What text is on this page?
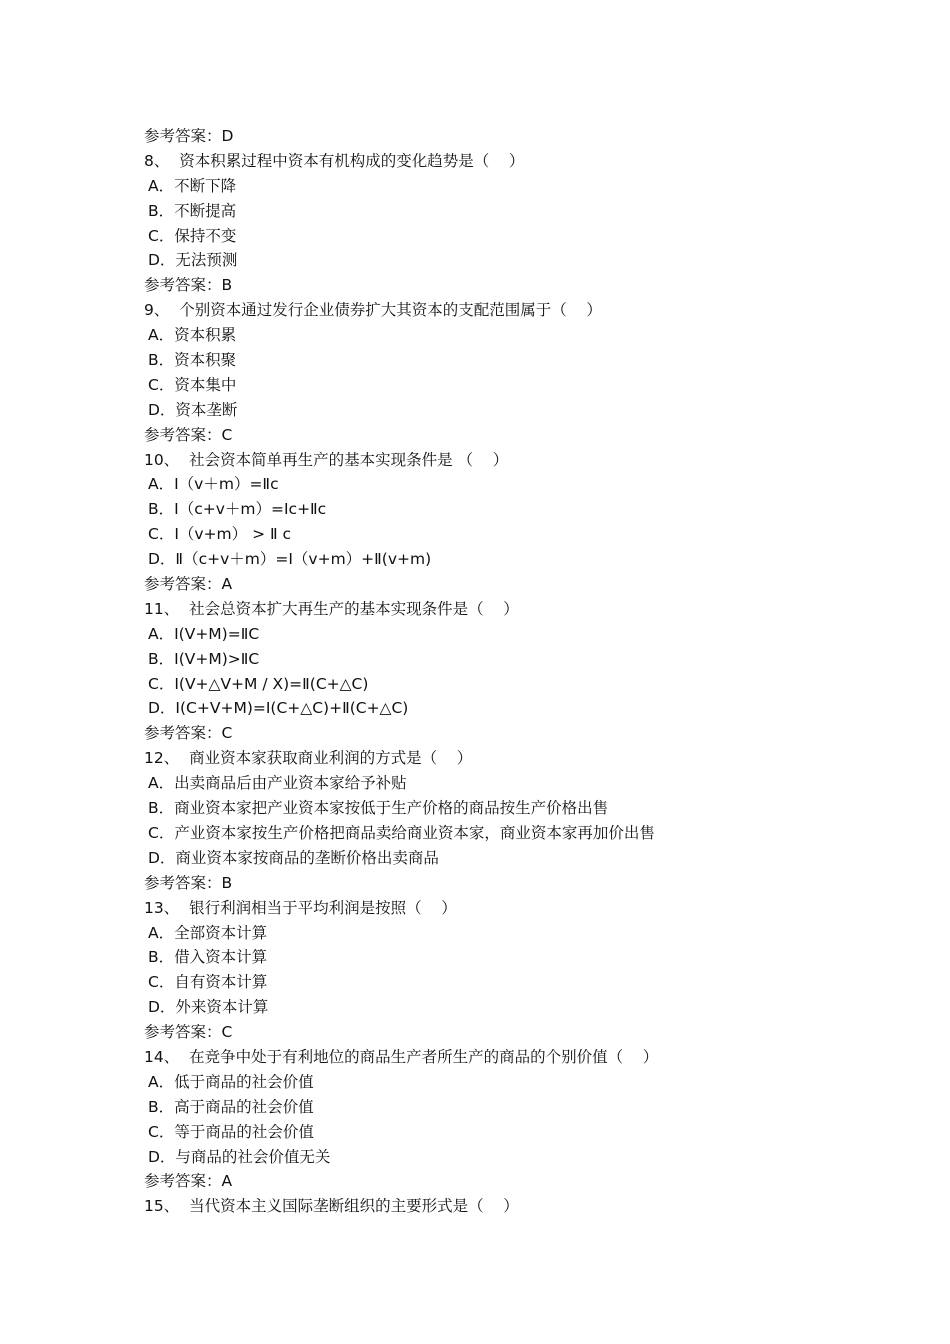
参考答案：D
8、  资本积累过程中资本有机构成的变化趋势是（    ）
A．不断下降
B．不断提高
C．保持不变
D．无法预测
参考答案：B
9、  个别资本通过发行企业债券扩大其资本的支配范围属于（    ）
A．资本积累
B．资本积聚
C．资本集中
D．资本垄断
参考答案：C
10、  社会资本简单再生产的基本实现条件是 （    ）
A．Ⅰ（v＋m）=Ⅱc
B．Ⅰ（c+v＋m）=Ⅰc+Ⅱc
C．Ⅰ（v+m） > Ⅱ c
D．Ⅱ（c+v＋m）=Ⅰ（v+m）+Ⅱ(v+m)
参考答案：A
11、  社会总资本扩大再生产的基本实现条件是（    ）
A．Ⅰ(V+M)=ⅡC
B．Ⅰ(V+M)>ⅡC
C．Ⅰ(V+△V+M / X)=Ⅱ(C+△C)
D．Ⅰ(C+V+M)=Ⅰ(C+△C)+Ⅱ(C+△C)
参考答案：C
12、  商业资本家获取商业利润的方式是（    ）
A．出卖商品后由产业资本家给予补贴
B．商业资本家把产业资本家按低于生产价格的商品按生产价格出售
C．产业资本家按生产价格把商品卖给商业资本家，商业资本家再加价出售
D．商业资本家按商品的垄断价格出卖商品
参考答案：B
13、  银行利润相当于平均利润是按照（    ）
A．全部资本计算
B．借入资本计算
C．自有资本计算
D．外来资本计算
参考答案：C
14、  在竞争中处于有利地位的商品生产者所生产的商品的个别价值（    ）
A．低于商品的社会价值
B．高于商品的社会价值
C．等于商品的社会价值
D．与商品的社会价值无关
参考答案：A
15、  当代资本主义国际垄断组织的主要形式是（    ）
